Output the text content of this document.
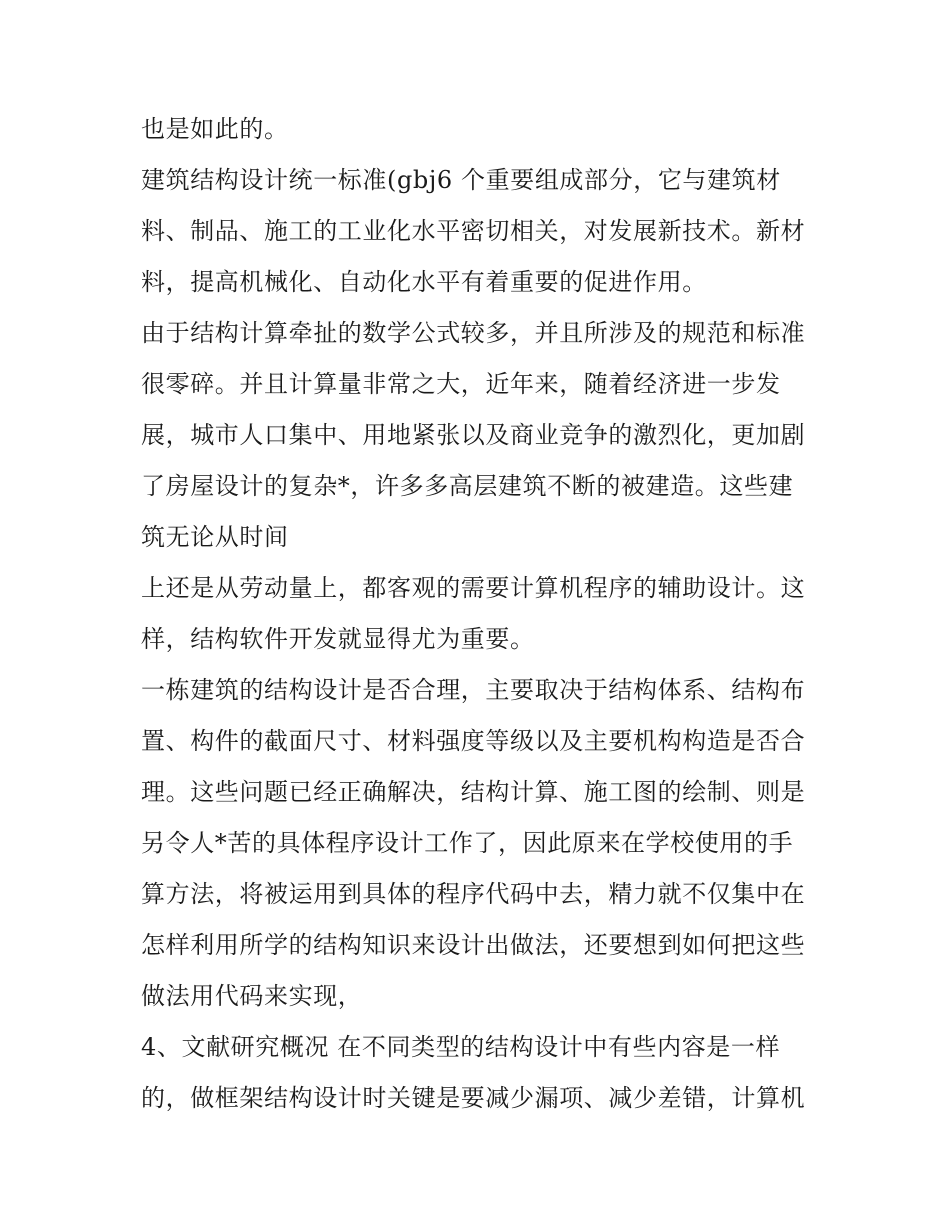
也是如此的。
建筑结构设计统一标准(gbj6 个重要组成部分，它与建筑材
料、制品、施工的工业化水平密切相关，对发展新技术。新材
料，提高机械化、自动化水平有着重要的促进作用。
由于结构计算牵扯的数学公式较多，并且所涉及的规范和标准
很零碎。并且计算量非常之大，近年来，随着经济进一步发
展，城市人口集中、用地紧张以及商业竞争的激烈化，更加剧
了房屋设计的复杂*，许多多高层建筑不断的被建造。这些建
筑无论从时间
上还是从劳动量上，都客观的需要计算机程序的辅助设计。这
样，结构软件开发就显得尤为重要。
一栋建筑的结构设计是否合理，主要取决于结构体系、结构布
置、构件的截面尺寸、材料强度等级以及主要机构构造是否合
理。这些问题已经正确解决，结构计算、施工图的绘制、则是
另令人*苦的具体程序设计工作了，因此原来在学校使用的手
算方法，将被运用到具体的程序代码中去，精力就不仅集中在
怎样利用所学的结构知识来设计出做法，还要想到如何把这些
做法用代码来实现，
4、文献研究概况 在不同类型的结构设计中有些内容是一样
的，做框架结构设计时关键是要减少漏项、减少差错，计算机
